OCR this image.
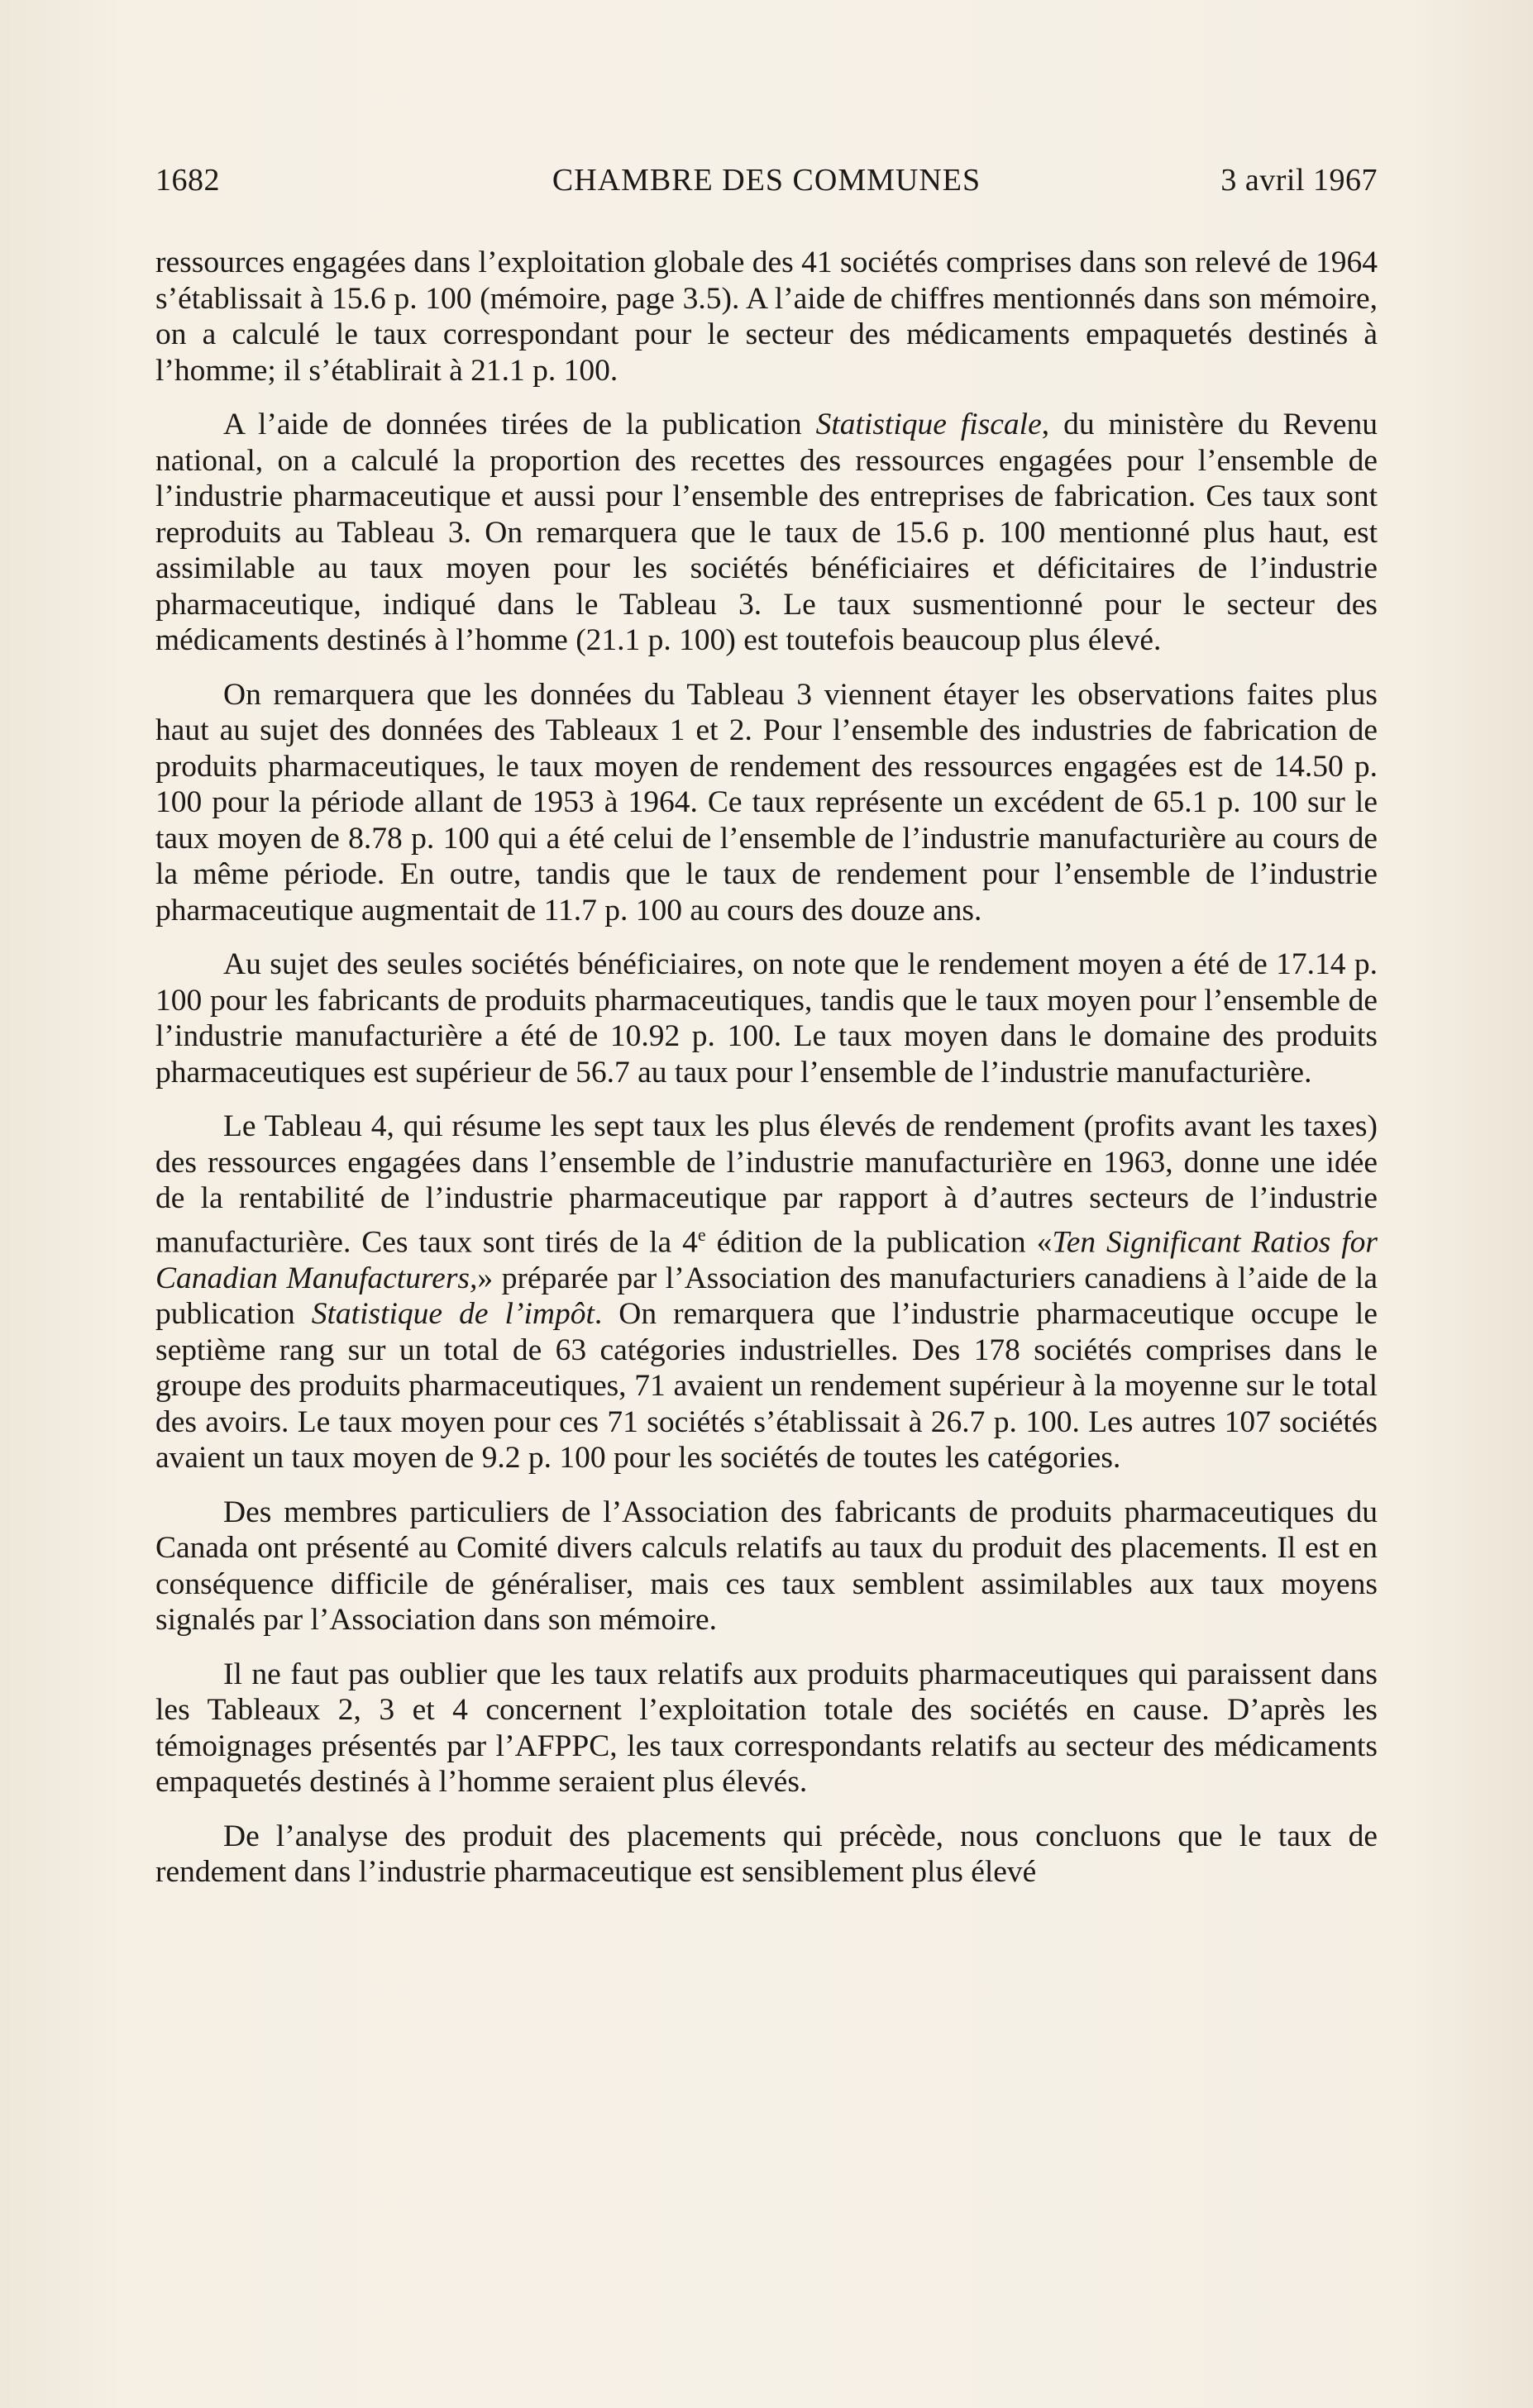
1682	CHAMBRE DES COMMUNES	3 avril 1967

ressources engagées dans l’exploitation globale des 41 sociétés comprises dans son relevé de 1964 s’établissait à 15.6 p. 100 (mémoire, page 3.5). A l’aide de chiffres mentionnés dans son mémoire, on a calculé le taux correspondant pour le secteur des médicaments empaquetés destinés à l’homme; il s’établirait à 21.1 p. 100.

A l’aide de données tirées de la publication Statistique fiscale, du ministère du Revenu national, on a calculé la proportion des recettes des ressources engagées pour l’ensemble de l’industrie pharmaceutique et aussi pour l’ensemble des entreprises de fabrication. Ces taux sont reproduits au Tableau 3. On remarquera que le taux de 15.6 p. 100 mentionné plus haut, est assimilable au taux moyen pour les sociétés bénéficiaires et déficitaires de l’industrie pharmaceutique, indiqué dans le Tableau 3. Le taux susmentionné pour le secteur des médicaments destinés à l’homme (21.1 p. 100) est toutefois beaucoup plus élevé.

On remarquera que les données du Tableau 3 viennent étayer les observations faites plus haut au sujet des données des Tableaux 1 et 2. Pour l’ensemble des industries de fabrication de produits pharmaceutiques, le taux moyen de rendement des ressources engagées est de 14.50 p. 100 pour la période allant de 1953 à 1964. Ce taux représente un excédent de 65.1 p. 100 sur le taux moyen de 8.78 p. 100 qui a été celui de l’ensemble de l’industrie manufacturière au cours de la même période. En outre, tandis que le taux de rendement pour l’ensemble de l’industrie pharmaceutique augmentait de 11.7 p. 100 au cours des douze ans.

Au sujet des seules sociétés bénéficiaires, on note que le rendement moyen a été de 17.14 p. 100 pour les fabricants de produits pharmaceutiques, tandis que le taux moyen pour l’ensemble de l’industrie manufacturière a été de 10.92 p. 100. Le taux moyen dans le domaine des produits pharmaceutiques est supérieur de 56.7 au taux pour l’ensemble de l’industrie manufacturière.

Le Tableau 4, qui résume les sept taux les plus élevés de rendement (profits avant les taxes) des ressources engagées dans l’ensemble de l’industrie manufacturière en 1963, donne une idée de la rentabilité de l’industrie pharmaceutique par rapport à d’autres secteurs de l’industrie manufacturière. Ces taux sont tirés de la 4e édition de la publication «Ten Significant Ratios for Canadian Manufacturers,» préparée par l’Association des manufacturiers canadiens à l’aide de la publication Statistique de l’impôt. On remarquera que l’industrie pharmaceutique occupe le septième rang sur un total de 63 catégories industrielles. Des 178 sociétés comprises dans le groupe des produits pharmaceutiques, 71 avaient un rendement supérieur à la moyenne sur le total des avoirs. Le taux moyen pour ces 71 sociétés s’établissait à 26.7 p. 100. Les autres 107 sociétés avaient un taux moyen de 9.2 p. 100 pour les sociétés de toutes les catégories.

Des membres particuliers de l’Association des fabricants de produits pharmaceutiques du Canada ont présenté au Comité divers calculs relatifs au taux du produit des placements. Il est en conséquence difficile de généraliser, mais ces taux semblent assimilables aux taux moyens signalés par l’Association dans son mémoire.

Il ne faut pas oublier que les taux relatifs aux produits pharmaceutiques qui paraissent dans les Tableaux 2, 3 et 4 concernent l’exploitation totale des sociétés en cause. D’après les témoignages présentés par l’AFPPC, les taux correspondants relatifs au secteur des médicaments empaquetés destinés à l’homme seraient plus élevés.

De l’analyse des produit des placements qui précède, nous concluons que le taux de rendement dans l’industrie pharmaceutique est sensiblement plus élevé
